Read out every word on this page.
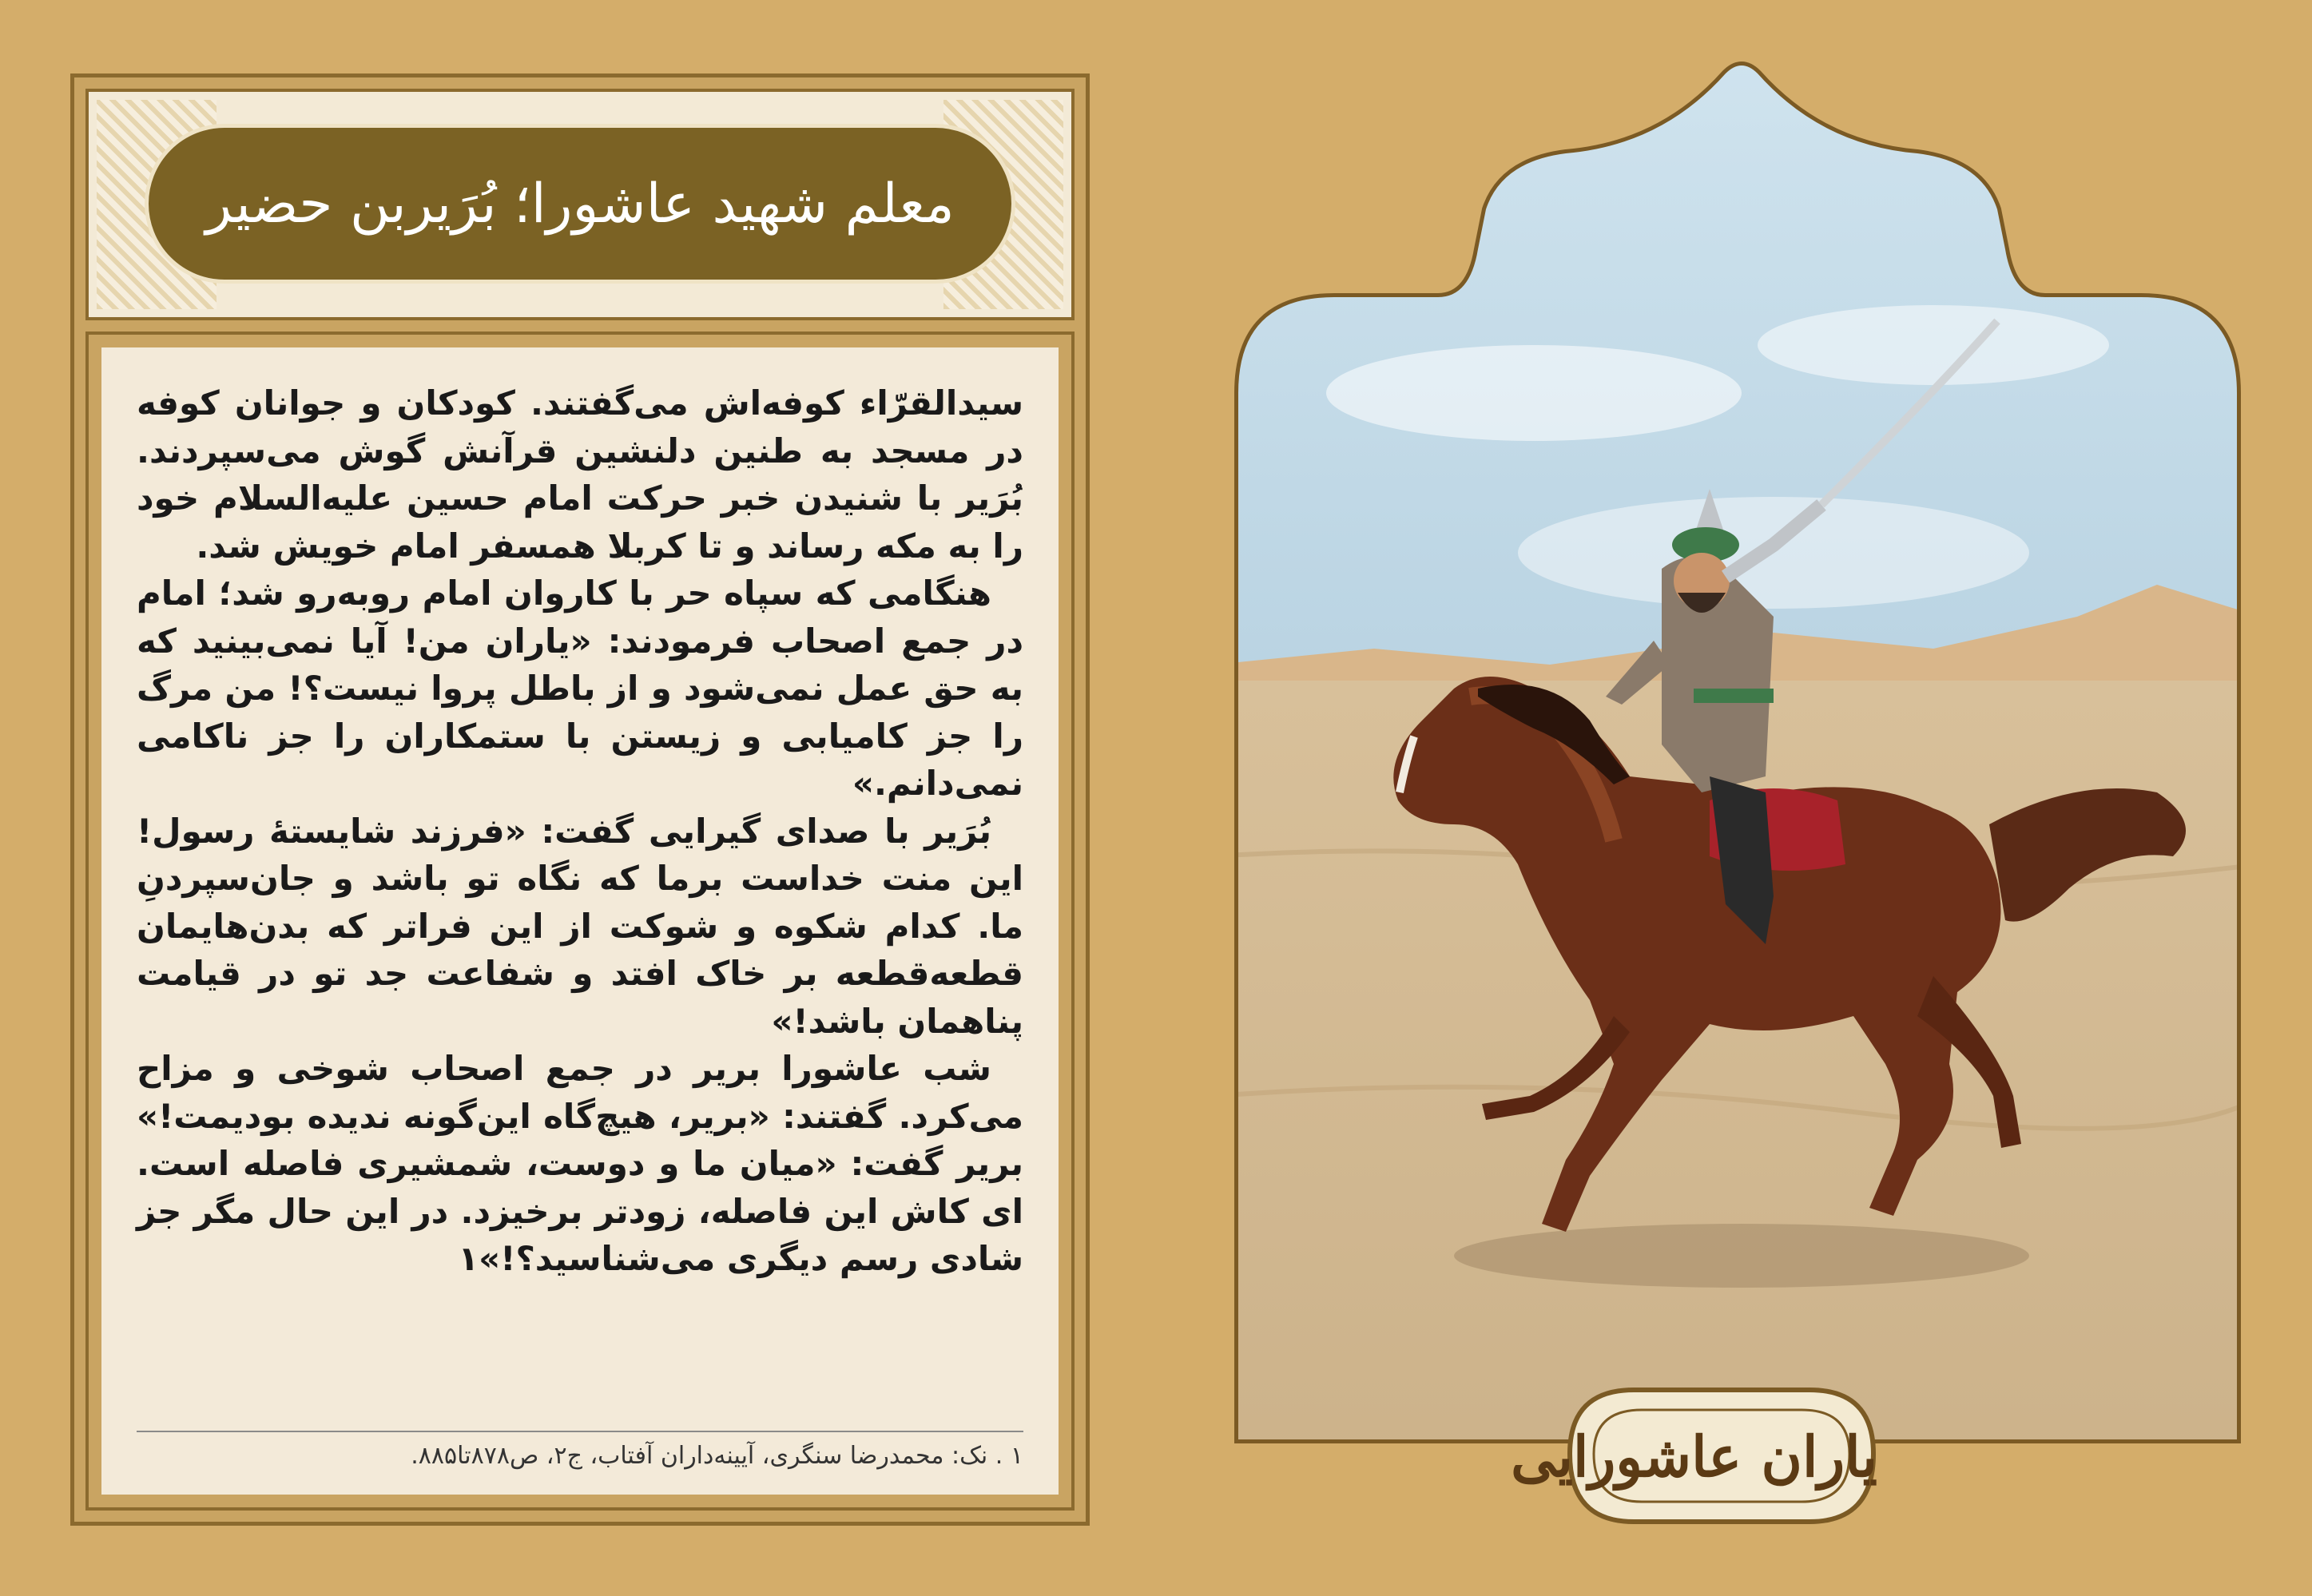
معلم شهید عاشورا؛ بُرَیربن حضیر

سیدالقرّاء کوفه‌اش می‌گفتند. کودکان و جوانان کوفه در مسجد به طنین دلنشین قرآنش گوش می‌سپردند. بُرَیر با شنیدن خبر حرکت امام حسین علیه‌السلام خود را به مکه رساند و تا کربلا همسفر امام خویش شد.

هنگامی که سپاه حر با کاروان امام روبه‌رو شد؛ امام در جمع اصحاب فرمودند: «یاران من! آیا نمی‌بینید که به حق عمل نمی‌شود و از باطل پروا نیست؟! من مرگ را جز کامیابی و زیستن با ستمکاران را جز ناکامی نمی‌دانم.»

بُرَیر با صدای گیرایی گفت: «فرزند شایستهٔ رسول! این منت خداست برما که نگاه تو باشد و جان‌سپردنِ ما. کدام شکوه و شوکت از این فراتر که بدن‌هایمان قطعه‌قطعه بر خاک افتد و شفاعت جد تو در قیامت پناهمان باشد!»

شب عاشورا بریر در جمع اصحاب شوخی و مزاح می‌کرد. گفتند: «بریر، هیچ‌گاه این‌گونه ندیده بودیمت!» بریر گفت: «میان ما و دوست، شمشیری فاصله است. ای کاش این فاصله، زودتر برخیزد. در این حال مگر جز شادی رسم دیگری می‌شناسید؟!»۱

۱ . نک: محمدرضا سنگری، آیینه‌داران آفتاب، ج۲، ص۸۷۸تا۸۸۵.	یاران عاشورایی
